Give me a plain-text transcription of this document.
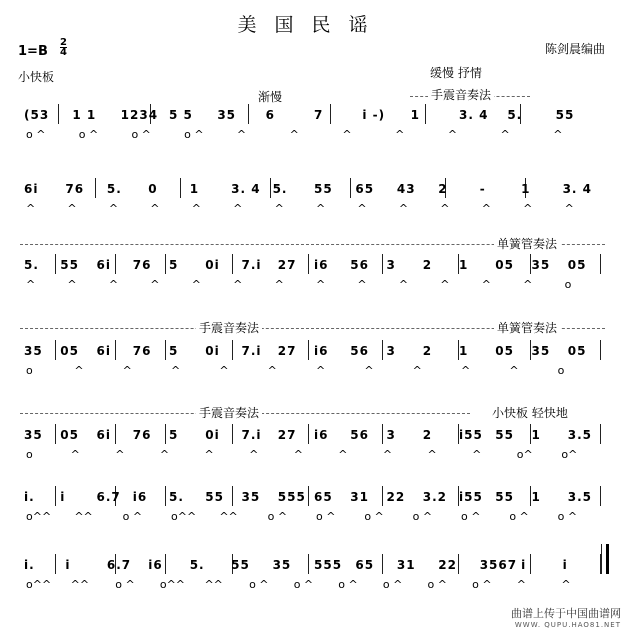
美国民谣
陈剑晨编曲
1=B
2
4
小快板
渐慢
缓慢 抒情
手震音奏法
(53 1 1 1234 5 5 35 6	7	i -) 1	3. 4 5.	55
o ^	o ^	o ^	o ^	^	^	^	^	^	^	^
6i 76 5. 0	1	3. 4 5. 55 65 43 2	-	1	3. 4
^	^	^	^	^	^	^	^	^	^	^	^	^	^
5. 55 6i 76 5 0i 7.i 27 i6 56 3 2 1 05 35 05
^	^	^	^	^	^	^	^	^	^	^	^	^	o
35 05 6i 76 5 0i 7.i 27 i6 56 3 2 1 05 35 05
o	^	^	^	^	^	^	^	^	^	^	o
35 05 6i 76 5 0i 7.i 27 i6 56 3 2 i55 55 1 3.5
o	^	^	^	^	^	^	^	^	^	^	o^	o^
i. i	6.7 i6 5. 55 35 555 65 31 22 3.2 i55 55 1 3.5
o^^ ^^	o ^	o^^ ^^	o ^	o ^	o ^	o ^	o ^	o ^	o ^
i.	i	6.7 i6 5. 55 35 555 65 31 22 3567 i	i
o^^ ^^ o ^ o^^ ^^ o ^ o ^ o ^ o ^ o ^ o ^ ^	^
单簧管奏法
手震音奏法	单簧管奏法
手震音奏法	小快板 轻快地
曲谱上传于中国曲谱网
WWW. QUPU.HAO81.NET
